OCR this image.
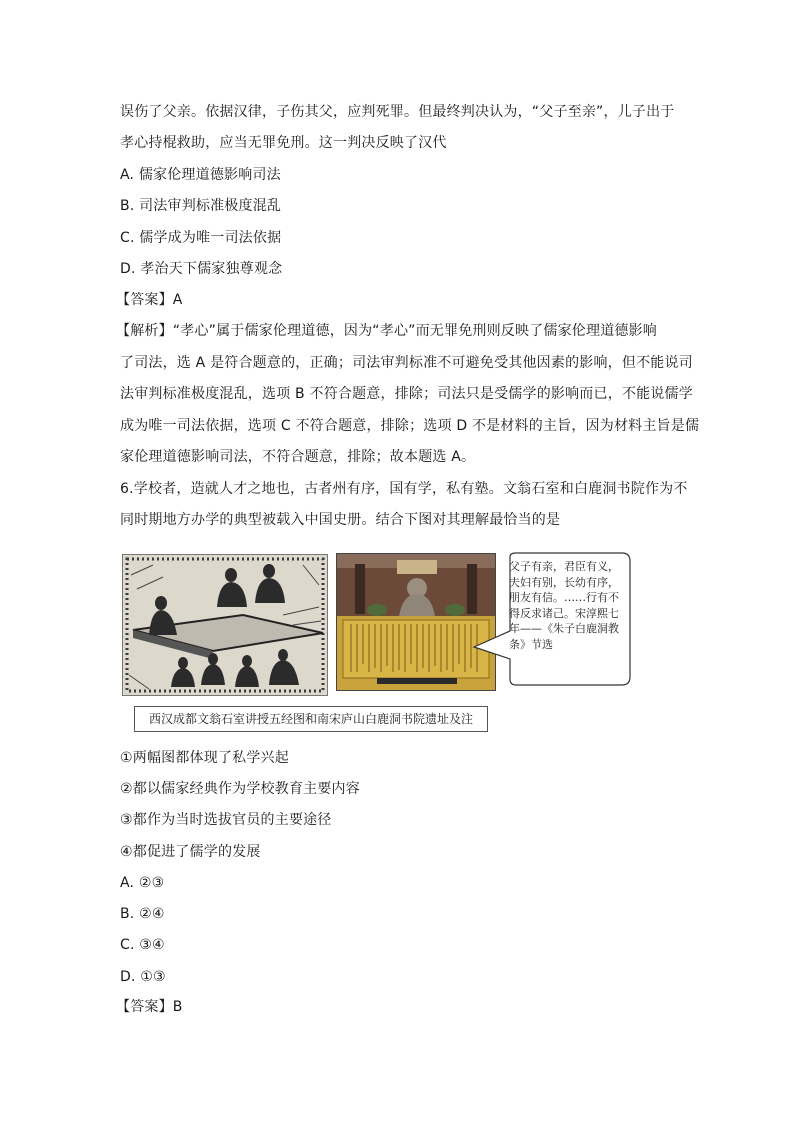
误伤了父亲。依据汉律，子伤其父，应判死罪。但最终判决认为，“父子至亲”，儿子出于
孝心持棍救助，应当无罪免刑。这一判决反映了汉代
A. 儒家伦理道德影响司法
B. 司法审判标准极度混乱
C. 儒学成为唯一司法依据
D. 孝治天下儒家独尊观念
【答案】A
【解析】“孝心”属于儒家伦理道德，因为“孝心”而无罪免刑则反映了儒家伦理道德影响
了司法，选 A 是符合题意的，正确；司法审判标准不可避免受其他因素的影响，但不能说司
法审判标准极度混乱，选项 B 不符合题意，排除；司法只是受儒学的影响而已，不能说儒学
成为唯一司法依据，选项 C 不符合题意，排除；选项 D 不是材料的主旨，因为材料主旨是儒
家伦理道德影响司法，不符合题意，排除；故本题选 A。
6.学校者，造就人才之地也，古者州有序，国有学，私有塾。文翁石室和白鹿洞书院作为不
同时期地方办学的典型被载入中国史册。结合下图对其理解最恰当的是
父子有亲，君臣有义，夫妇有别，长幼有序，朋友有信。……行有不得反求诸己。宋淳熙七年——《朱子白鹿洞教条》节选
西汉成都文翁石室讲授五经图和南宋庐山白鹿洞书院遗址及注
①两幅图都体现了私学兴起
②都以儒家经典作为学校教育主要内容
③都作为当时选拔官员的主要途径
④都促进了儒学的发展
A. ②③
B. ②④
C. ③④
D. ①③
【答案】B
